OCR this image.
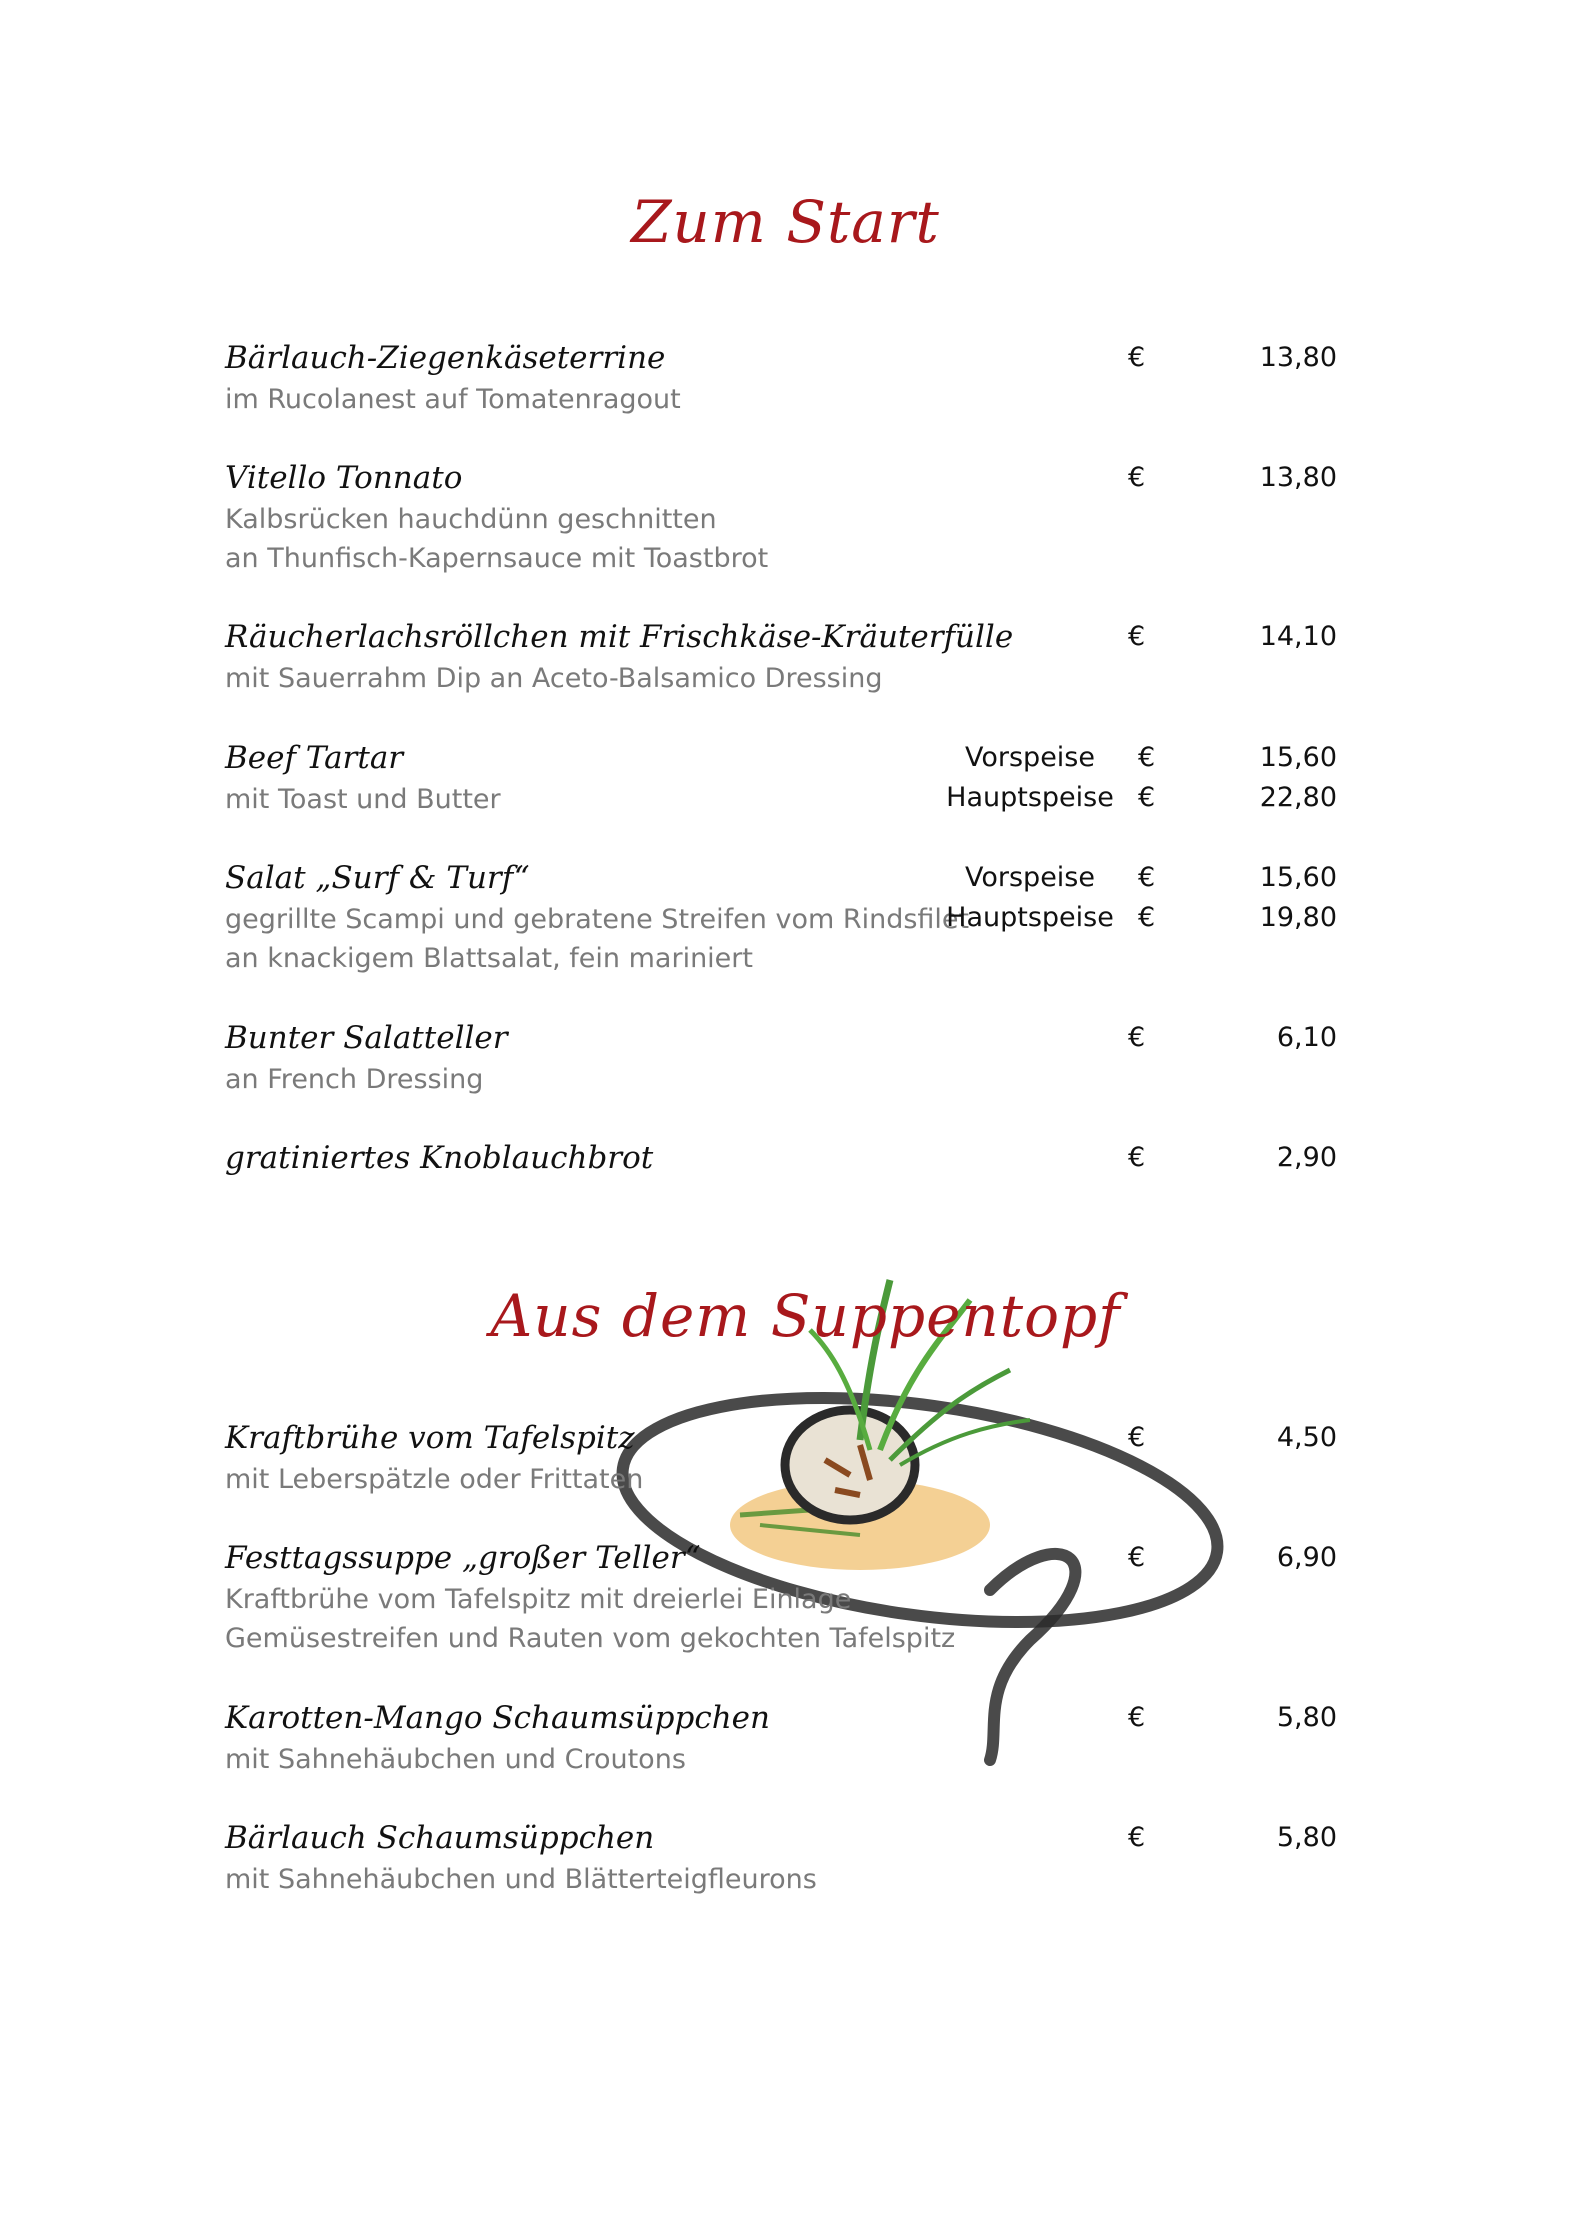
Zum Start
Bärlauch-Ziegenkäseterrine	€	13,80
im Rucolanest auf Tomatenragout
Vitello Tonnato	€	13,80
Kalbsrücken hauchdünn geschnitten
an Thunfisch-Kapernsauce mit Toastbrot
Räucherlachsröllchen mit Frischkäse-Kräuterfülle	€	14,10
mit Sauerrahm Dip an Aceto-Balsamico Dressing
Beef Tartar	Vorspeise	€	15,60
mit Toast und Butter	Hauptspeise €	22,80
Salat „Surf & Turf“	Vorspeise	€	15,60
gegrillte Scampi und gebratene Streifen vom Rindsfilet
Hauptspeise €	19,80
an knackigem Blattsalat, fein mariniert
Bunter Salatteller	€	6,10
an French Dressing
gratiniertes Knoblauchbrot	€	2,90
Aus dem Suppentopf
Kraftbrühe vom Tafelspitz	€	4,50
mit Leberspätzle oder Frittaten
Festtagssuppe „großer Teller“	€	6,90
Kraftbrühe vom Tafelspitz mit dreierlei Einlage
Gemüsestreifen und Rauten vom gekochten Tafelspitz
Karotten-Mango Schaumsüppchen	€	5,80
mit Sahnehäubchen und Croutons
Bärlauch Schaumsüppchen	€	5,80
mit Sahnehäubchen und Blätterteigfleurons
